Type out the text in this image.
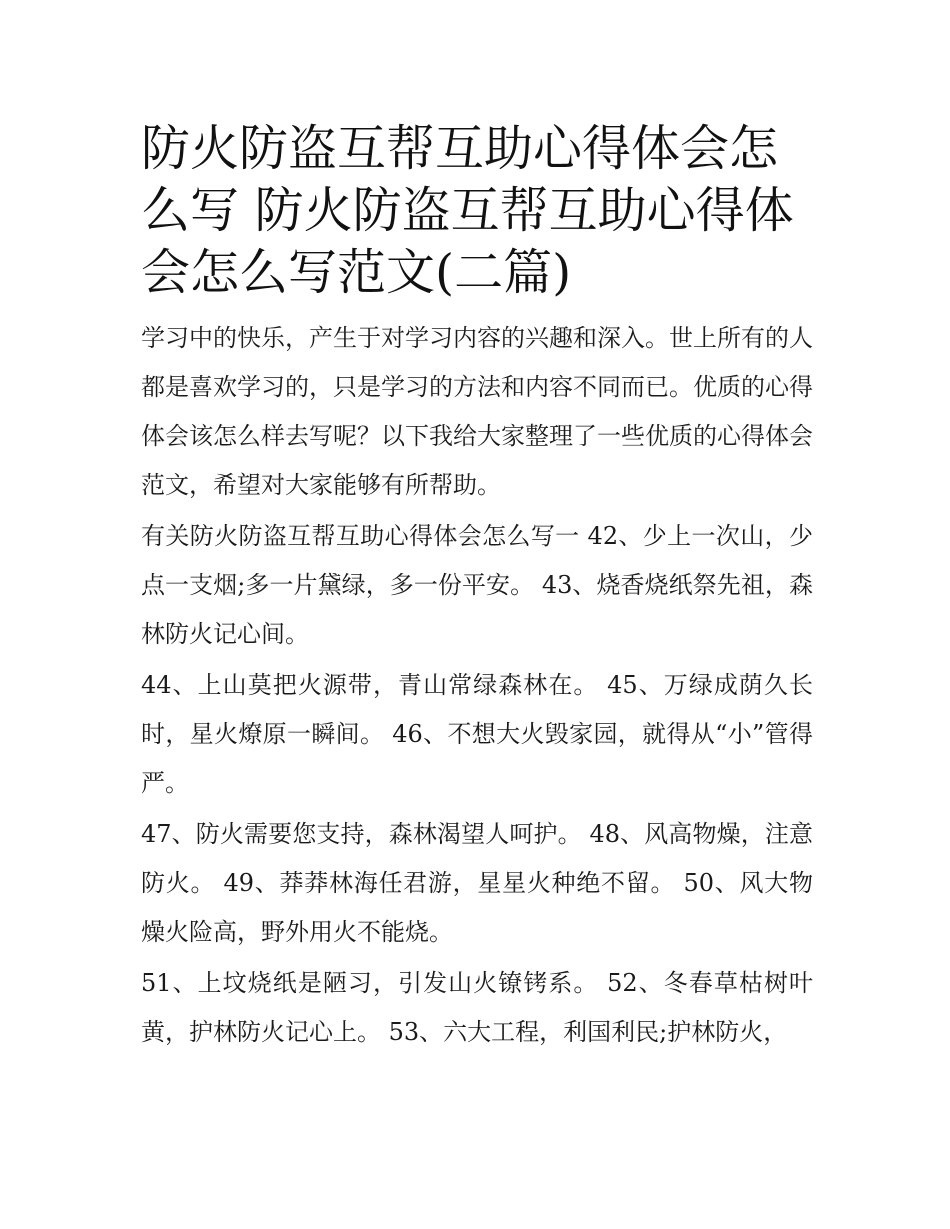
防火防盗互帮互助心得体会怎么写 防火防盗互帮互助心得体会怎么写范文(二篇)

学习中的快乐，产生于对学习内容的兴趣和深入。世上所有的人都是喜欢学习的，只是学习的方法和内容不同而已。优质的心得体会该怎么样去写呢？以下我给大家整理了一些优质的心得体会范文，希望对大家能够有所帮助。

有关防火防盗互帮互助心得体会怎么写一 42、少上一次山，少点一支烟;多一片黛绿，多一份平安。 43、烧香烧纸祭先祖，森林防火记心间。

44、上山莫把火源带，青山常绿森林在。 45、万绿成荫久长时，星火燎原一瞬间。 46、不想大火毁家园，就得从“小”管得严。

47、防火需要您支持，森林渴望人呵护。 48、风高物燥，注意防火。 49、莽莽林海任君游，星星火种绝不留。 50、风大物燥火险高，野外用火不能烧。

51、上坟烧纸是陋习，引发山火镣铐系。 52、冬春草枯树叶黄，护林防火记心上。 53、六大工程，利国利民;护林防火，
